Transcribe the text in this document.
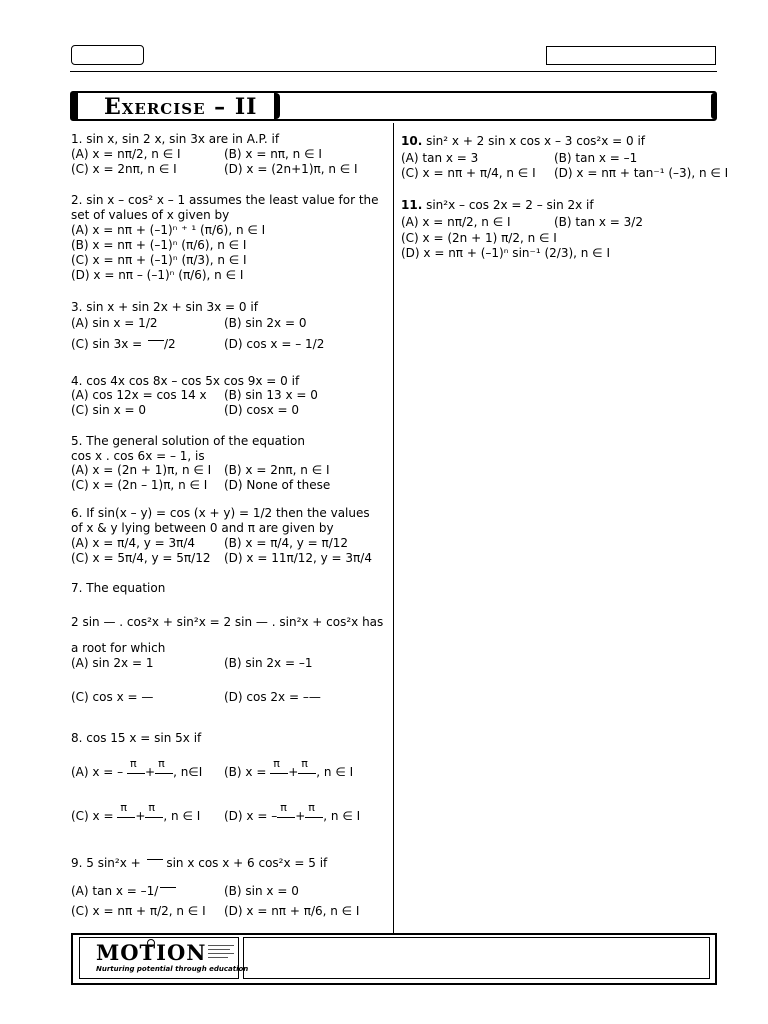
Exercise – II
1. sin x, sin 2 x, sin 3x are in A.P. if
(A) x = nπ/2, n ∈ I	(B) x = nπ, n ∈ I
(C) x = 2nπ, n ∈ I	(D) x = (2n+1)π, n ∈ I
2. sin x – cos² x – 1 assumes the least value for the
set of values of x given by
(A) x = nπ + (–1)ⁿ ⁺ ¹ (π/6), n ∈ I
(B) x = nπ + (–1)ⁿ (π/6), n ∈ I
(C) x = nπ + (–1)ⁿ (π/3), n ∈ I
(D) x = nπ – (–1)ⁿ (π/6), n ∈ I
3. sin x + sin 2x + sin 3x = 0 if
(A) sin x = 1/2	(B) sin 2x = 0
(C) sin 3x = /2	(D) cos x = – 1/2
4. cos 4x cos 8x – cos 5x cos 9x = 0 if
(A) cos 12x = cos 14 x (B) sin 13 x = 0
(C) sin x = 0	(D) cosx = 0
5. The general solution of the equation
cos x . cos 6x = – 1, is
(A) x = (2n + 1)π, n ∈ I (B) x = 2nπ, n ∈ I
(C) x = (2n – 1)π, n ∈ I (D) None of these
6. If sin(x – y) = cos (x + y) = 1/2 then the values
of x & y lying between 0 and π are given by
(A) x = π/4, y = 3π/4 (B) x = π/4, y = π/12
(C) x = 5π/4, y = 5π/12 (D) x = 11π/12, y = 3π/4
7. The equation
2 sin — . cos²x + sin²x = 2 sin — . sin²x + cos²x has
a root for which
(A) sin 2x = 1	(B) sin 2x = –1
(C) cos x = —	(D) cos 2x = –—
8. cos 15 x = sin 5x if
(A) x = –
π
+
π
, n∈I (B) x =
π
+
π
, n ∈ I
(C) x =
π
+
π
, n ∈ I (D) x = –
π
+
π
, n ∈ I
9. 5 sin²x +  sin x cos x + 6 cos²x = 5 if
(A) tan x = –1/	(B) sin x = 0
(C) x = nπ + π/2, n ∈ I (D) x = nπ + π/6, n ∈ I
10. sin² x + 2 sin x cos x – 3 cos²x = 0 if
(A) tan x = 3	(B) tan x = –1
(C) x = nπ + π/4, n ∈ I (D) x = nπ + tan⁻¹ (–3), n ∈ I
11. sin²x – cos 2x = 2 – sin 2x if
(A) x = nπ/2, n ∈ I	(B) tan x = 3/2
(C) x = (2n + 1) π/2, n ∈ I
(D) x = nπ + (–1)ⁿ sin⁻¹ (2/3), n ∈ I
MOTION
Nurturing potential through education
